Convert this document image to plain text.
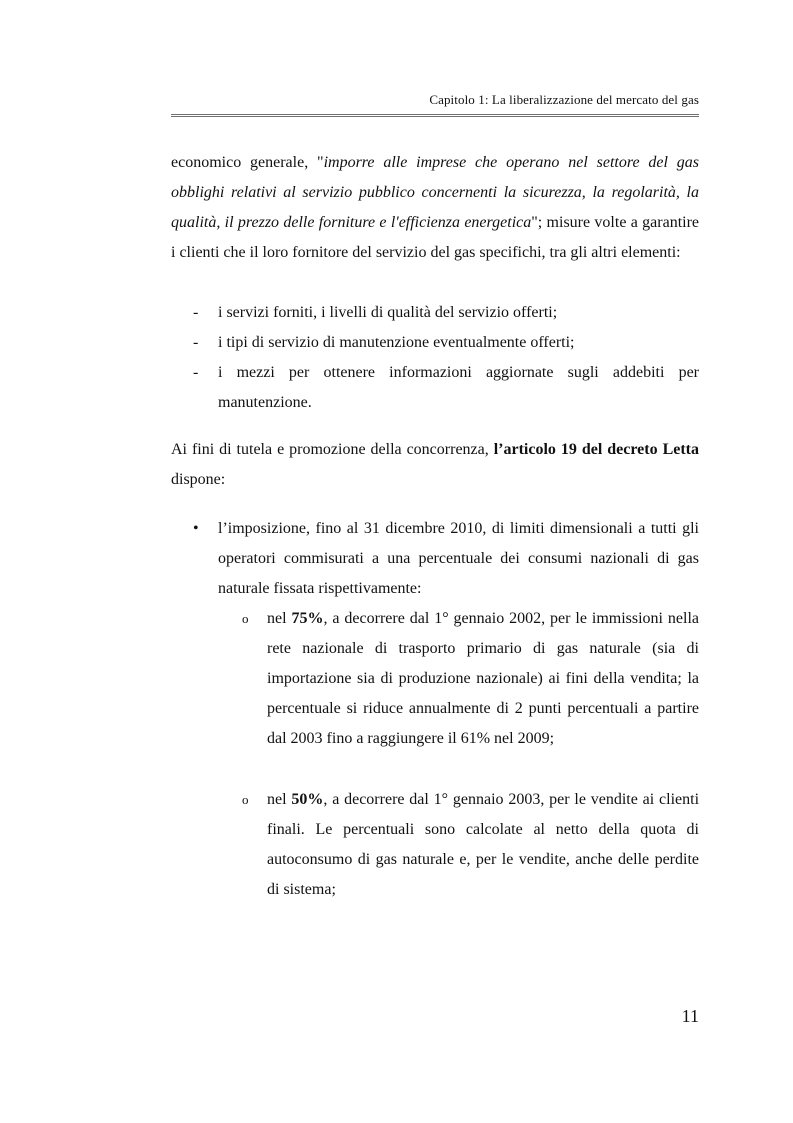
Capitolo 1: La liberalizzazione del mercato del gas
economico generale, "imporre alle imprese che operano nel settore del gas obblighi relativi al servizio pubblico concernenti la sicurezza, la regolarità, la qualità, il prezzo delle forniture e l'efficienza energetica"; misure volte a garantire i clienti che il loro fornitore del servizio del gas specifichi, tra gli altri elementi:
- i servizi forniti, i livelli di qualità del servizio offerti;
- i tipi di servizio di manutenzione eventualmente offerti;
- i mezzi per ottenere informazioni aggiornate sugli addebiti per manutenzione.
Ai fini di tutela e promozione della concorrenza, l’articolo 19 del decreto Letta dispone:
• l’imposizione, fino al 31 dicembre 2010, di limiti dimensionali a tutti gli operatori commisurati a una percentuale dei consumi nazionali di gas naturale fissata rispettivamente:
o nel 75%, a decorrere dal 1° gennaio 2002, per le immissioni nella rete nazionale di trasporto primario di gas naturale (sia di importazione sia di produzione nazionale) ai fini della vendita; la percentuale si riduce annualmente di 2 punti percentuali a partire dal 2003 fino a raggiungere il 61% nel 2009;
o nel 50%, a decorrere dal 1° gennaio 2003, per le vendite ai clienti finali. Le percentuali sono calcolate al netto della quota di autoconsumo di gas naturale e, per le vendite, anche delle perdite di sistema;
11
